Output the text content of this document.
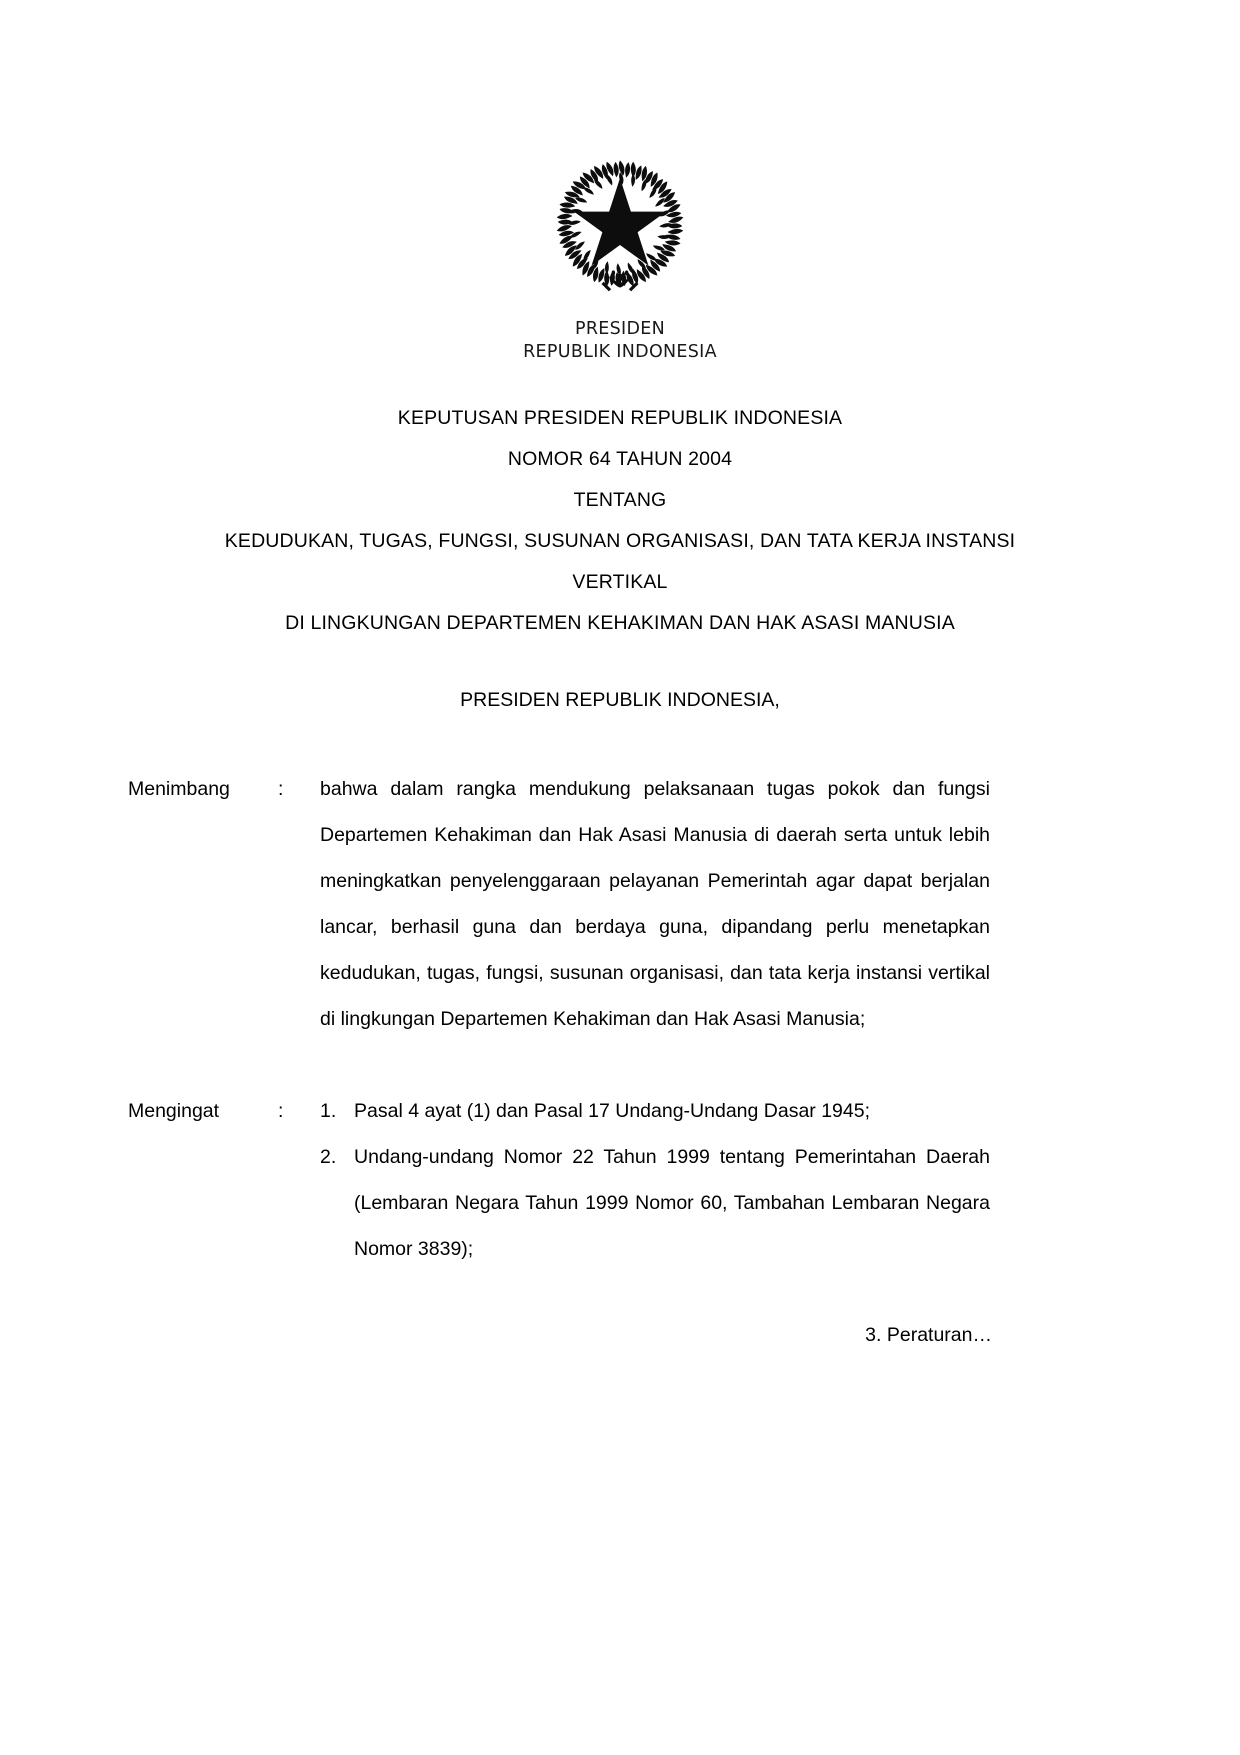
PRESIDEN
REPUBLIK INDONESIA
KEPUTUSAN PRESIDEN REPUBLIK INDONESIA
NOMOR 64 TAHUN 2004
TENTANG
KEDUDUKAN, TUGAS, FUNGSI, SUSUNAN ORGANISASI, DAN TATA KERJA INSTANSI
VERTIKAL
DI LINGKUNGAN DEPARTEMEN KEHAKIMAN DAN HAK ASASI MANUSIA
PRESIDEN REPUBLIK INDONESIA,
Menimbang	:	bahwa dalam rangka mendukung pelaksanaan tugas pokok dan fungsi Departemen Kehakiman dan Hak Asasi Manusia di daerah serta untuk lebih meningkatkan penyelenggaraan pelayanan Pemerintah agar dapat berjalan lancar, berhasil guna dan berdaya guna, dipandang perlu menetapkan kedudukan, tugas, fungsi, susunan organisasi, dan tata kerja instansi vertikal di lingkungan Departemen Kehakiman dan Hak Asasi Manusia;

Mengingat	:	1. Pasal 4 ayat (1) dan Pasal 17 Undang-Undang Dasar 1945;
2. Undang-undang Nomor 22 Tahun 1999 tentang Pemerintahan Daerah (Lembaran Negara Tahun 1999 Nomor 60, Tambahan Lembaran Negara Nomor 3839);
3. Peraturan…
